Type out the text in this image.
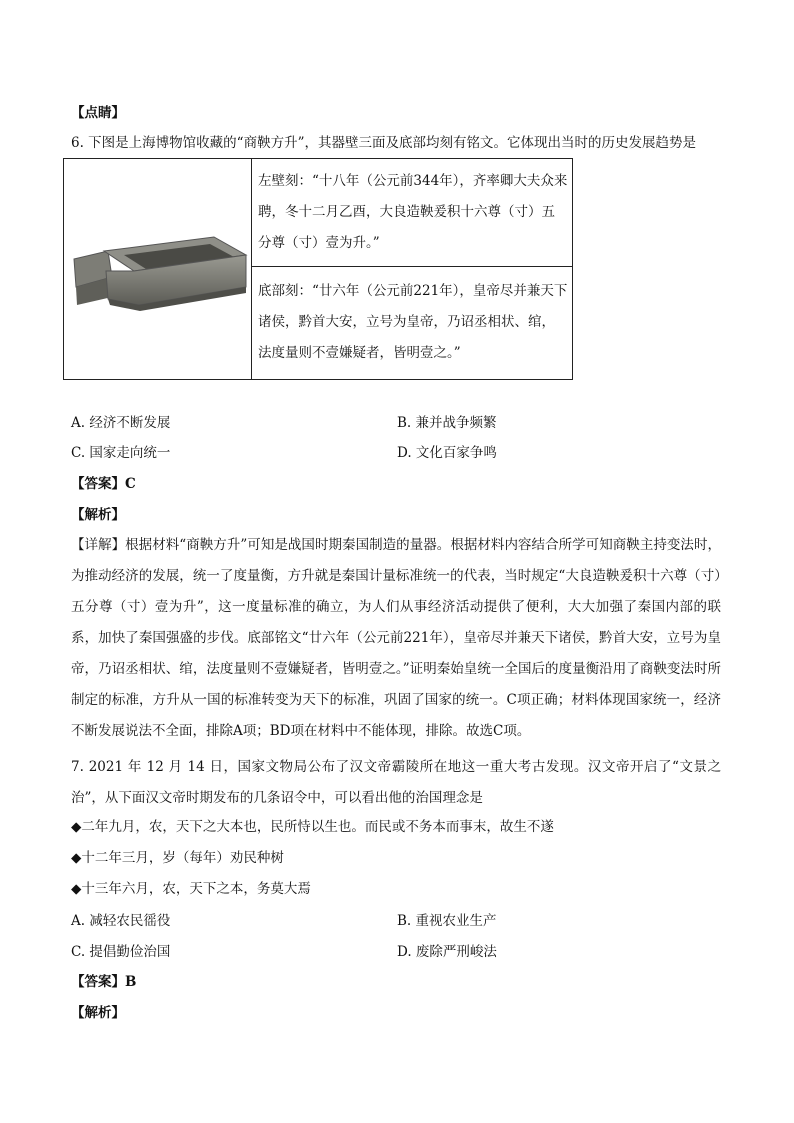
【点睛】
6. 下图是上海博物馆收藏的“商鞅方升”，其器壁三面及底部均刻有铭文。它体现出当时的历史发展趋势是
	左壁刻：“十八年（公元前344年），齐率卿大夫众来聘，冬十二月乙酉，大良造鞅爰积十六尊（寸）五分尊（寸）壹为升。”
底部刻：“廿六年（公元前221年），皇帝尽并兼天下诸侯，黔首大安，立号为皇帝，乃诏丞相状、绾，法度量则不壹嫌疑者，皆明壹之。”
A. 经济不断发展	B. 兼并战争频繁
C. 国家走向统一	D. 文化百家争鸣
【答案】C
【解析】
【详解】根据材料“商鞅方升”可知是战国时期秦国制造的量器。根据材料内容结合所学可知商鞅主持变法时，为推动经济的发展，统一了度量衡，方升就是秦国计量标准统一的代表，当时规定“大良造鞅爰积十六尊（寸）五分尊（寸）壹为升”，这一度量标准的确立，为人们从事经济活动提供了便利，大大加强了秦国内部的联系，加快了秦国强盛的步伐。底部铭文“廿六年（公元前221年），皇帝尽并兼天下诸侯，黔首大安，立号为皇帝，乃诏丞相状、绾，法度量则不壹嫌疑者，皆明壹之。”证明秦始皇统一全国后的度量衡沿用了商鞅变法时所制定的标准，方升从一国的标准转变为天下的标准，巩固了国家的统一。C项正确；材料体现国家统一，经济不断发展说法不全面，排除A项；BD项在材料中不能体现，排除。故选C项。
7. 2021 年 12 月 14 日，国家文物局公布了汉文帝霸陵所在地这一重大考古发现。汉文帝开启了“文景之治”，从下面汉文帝时期发布的几条诏令中，可以看出他的治国理念是
◆二年九月，农，天下之大本也，民所恃以生也。而民或不务本而事末，故生不遂
◆十二年三月，岁（每年）劝民种树
◆十三年六月，农，天下之本，务莫大焉
A. 减轻农民徭役	B. 重视农业生产
C. 提倡勤俭治国	D. 废除严刑峻法
【答案】B
【解析】
